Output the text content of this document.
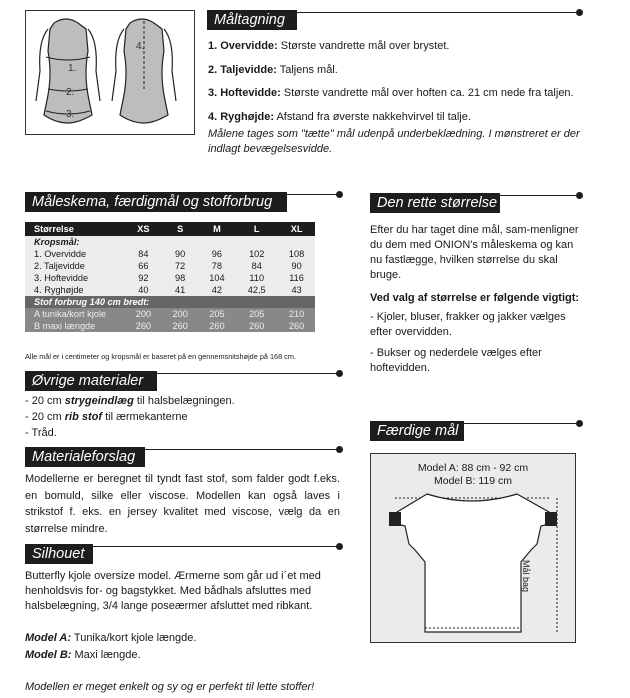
1.
2.
3.
4.
Måltagning
1. Overvidde: Største vandrette mål over brystet.
2. Taljevidde: Taljens mål.
3. Hoftevidde: Største vandrette mål over hoften ca. 21 cm nede fra taljen.
4. Ryghøjde: Afstand fra øverste nakkehvirvel til talje.
Målene tages som "tætte" mål udenpå underbeklædning. I mønstreret er der indlagt bevægelsesvidde.
Måleskema, færdigmål og stofforbrug
Størrelse	XS	S	M	L	XL
Kropsmål:					
1. Overvidde	84	90	96	102	108
2. Taljevidde	66	72	78	84	90
3. Hoftevidde	92	98	104	110	116
4. Ryghøjde	40	41	42	42,5	43
Stof forbrug 140 cm bredt:					
A tunika/kort kjole	200	200	205	205	210
B maxi længde	260	260	260	260	260
Alle mål er i centimeter og kropsmål er baseret på en gennemsnitshøjde på 168 cm.
Øvrige materialer
- 20 cm strygeindlæg til halsbelægningen.
- 20 cm rib stof til ærmekanterne
- Tråd.
Materialeforslag
Modellerne er beregnet til tyndt fast stof, som falder godt f.eks. en bomuld, silke eller viscose. Modellen kan også laves i strikstof f. eks. en jersey kvalitet med viscose, vælg da en størrelse mindre.
Silhouet
Butterfly kjole oversize model. Ærmerne som går ud i´et med henholdsvis for- og bagstykket. Med bådhals afsluttes med halsbelægning, 3/4 lange poseærmer afsluttet med ribkant.
Model A: Tunika/kort kjole længde.
Model B: Maxi længde.
Modellen er meget enkelt og sy og er perfekt til lette stoffer!
Den rette størrelse
Efter du har taget dine mål, sam-menligner du dem med ONION's måleskema og kan nu fastlægge, hvilken størrelse du skal bruge.
Ved valg af størrelse er følgende vigtigt:
- Kjoler, bluser, frakker og jakker vælges efter overvidden.
- Bukser og nederdele vælges efter hoftevidden.
Færdige mål
Model A: 88 cm - 92 cm
Model B: 119 cm
Mål bag
